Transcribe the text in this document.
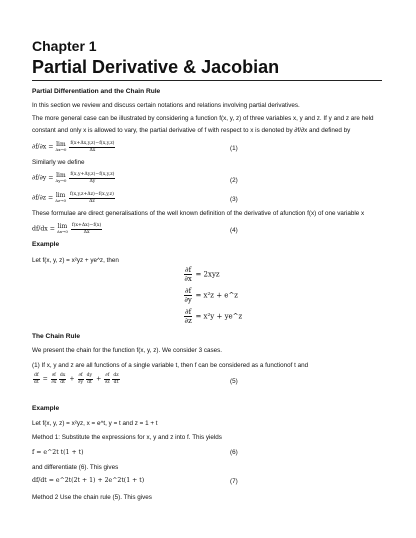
Chapter 1
Partial Derivative & Jacobian
Partial Differentiation and the Chain Rule
In this section we review and discuss certain notations and relations involving partial derivatives.
The more general case can be illustrated by considering a function f(x, y, z) of three variables x, y and z. If y and z are held
constant and only x is allowed to vary, the partial derivative of f with respect to x is denoted by ∂f/∂x and defined by
∂f/∂x = lim
Δx→0
$\frac{f(x+\Delta x,y,z)-f(x,y,z)}{\Delta x}$	(1)
Similarly we define
∂f/∂y = lim
Δy→0
$\frac{f(x,y+\Delta y,z)-f(x,y,z)}{\Delta y}$	(2)
∂f/∂z = lim
Δz→0
$\frac{f(x,y,z+\Delta z)-f(x,y,z)}{\Delta z}$	(3)
These formulae are direct generalisations of the well known definition of the derivative of afunction f(x) of one variable x
df/dx = lim
Δx→0
$\frac{f(x+\Delta x)-f(x)}{\Delta x}$	(4)
Example
Let f(x, y, z) = x²yz + ye^z, then
$\frac{\partial f}{\partial x} = 2xyz$
$\frac{\partial f}{\partial y} = x^2z$ + e^z
$\frac{\partial f}{\partial z} = x^2y$ + ye^z
The Chain Rule
We present the chain for the function f(x, y, z). We consider 3 cases.
(1) If x, y and z are all functions of a single variable t, then f can be considered as a functionof t and
$\frac{df}{dt} = \frac{\partial f}{\partial x} \frac{dx}{dt} + \frac{\partial f}{\partial y} \frac{dy}{dt} + \frac{\partial f}{\partial z} \frac{dz}{dt}$	(5)
Example
Let f(x, y, z) = x²yz, x = e^t, y = t and z = 1 + t
Method 1: Substitute the expressions for x, y and z into f. This yields
f = e^2t t(1 + t)	(6)
and differentiate (6). This gives
df/dt = e^2t(2t + 1) + 2e^2t(1 + t)	(7)
Method 2 Use the chain rule (5). This gives
